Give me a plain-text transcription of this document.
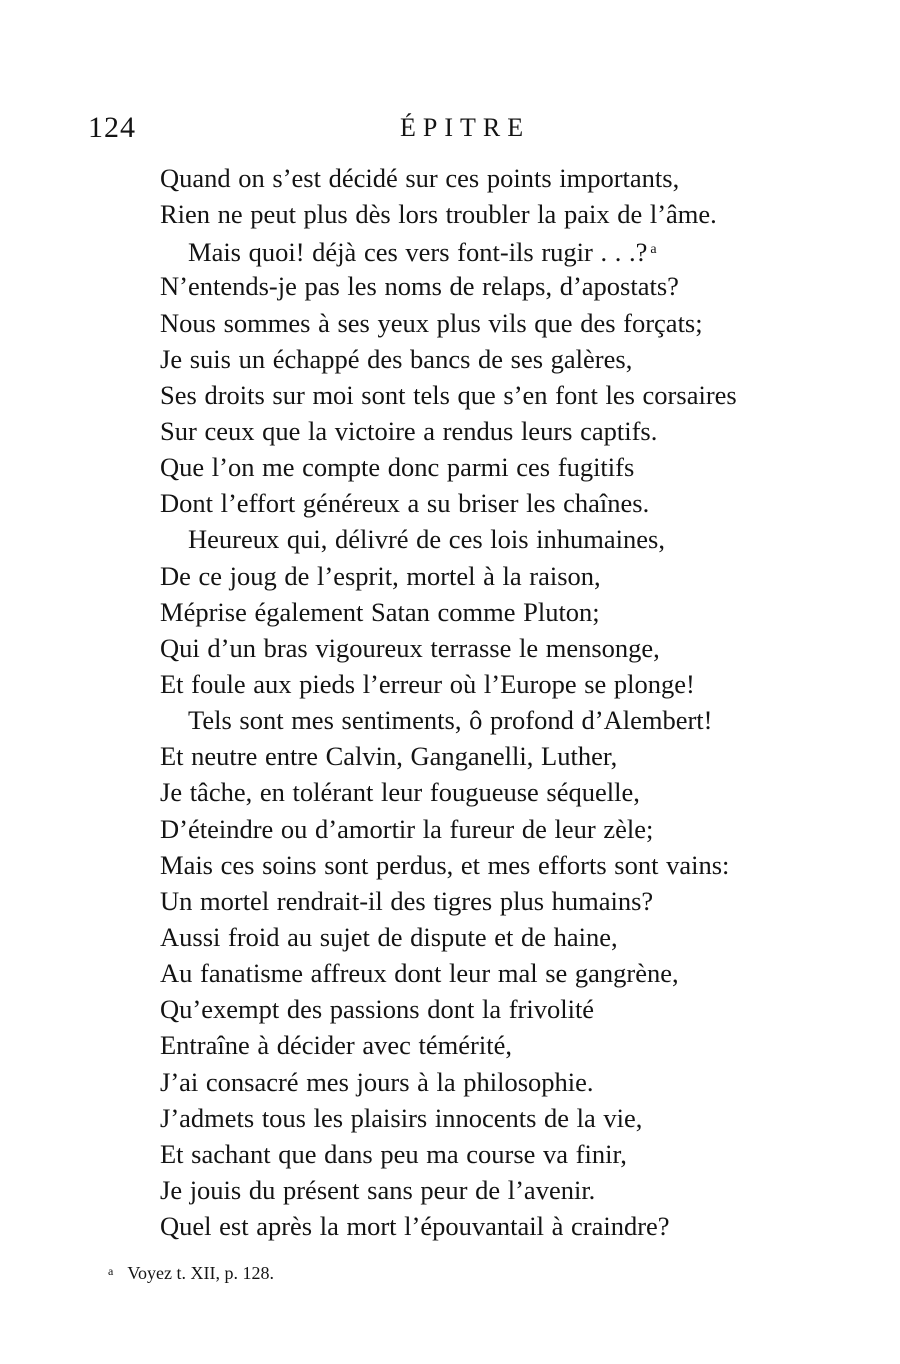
124	ÉPITRE
Quand on s’est décidé sur ces points importants,
Rien ne peut plus dès lors troubler la paix de l’âme.
Mais quoi! déjà ces vers font-ils rugir . . .? $^a$
N’entends-je pas les noms de relaps, d’apostats?
Nous sommes à ses yeux plus vils que des forçats;
Je suis un échappé des bancs de ses galères,
Ses droits sur moi sont tels que s’en font les corsaires
Sur ceux que la victoire a rendus leurs captifs.
Que l’on me compte donc parmi ces fugitifs
Dont l’effort généreux a su briser les chaînes.
Heureux qui, délivré de ces lois inhumaines,
De ce joug de l’esprit, mortel à la raison,
Méprise également Satan comme Pluton;
Qui d’un bras vigoureux terrasse le mensonge,
Et foule aux pieds l’erreur où l’Europe se plonge!
Tels sont mes sentiments, ô profond d’Alembert!
Et neutre entre Calvin, Ganganelli, Luther,
Je tâche, en tolérant leur fougueuse séquelle,
D’éteindre ou d’amortir la fureur de leur zèle;
Mais ces soins sont perdus, et mes efforts sont vains:
Un mortel rendrait-il des tigres plus humains?
Aussi froid au sujet de dispute et de haine,
Au fanatisme affreux dont leur mal se gangrène,
Qu’exempt des passions dont la frivolité
Entraîne à décider avec témérité,
J’ai consacré mes jours à la philosophie.
J’admets tous les plaisirs innocents de la vie,
Et sachant que dans peu ma course va finir,
Je jouis du présent sans peur de l’avenir.
Quel est après la mort l’épouvantail à craindre?
$^a$ Voyez t. XII, p. 128.
